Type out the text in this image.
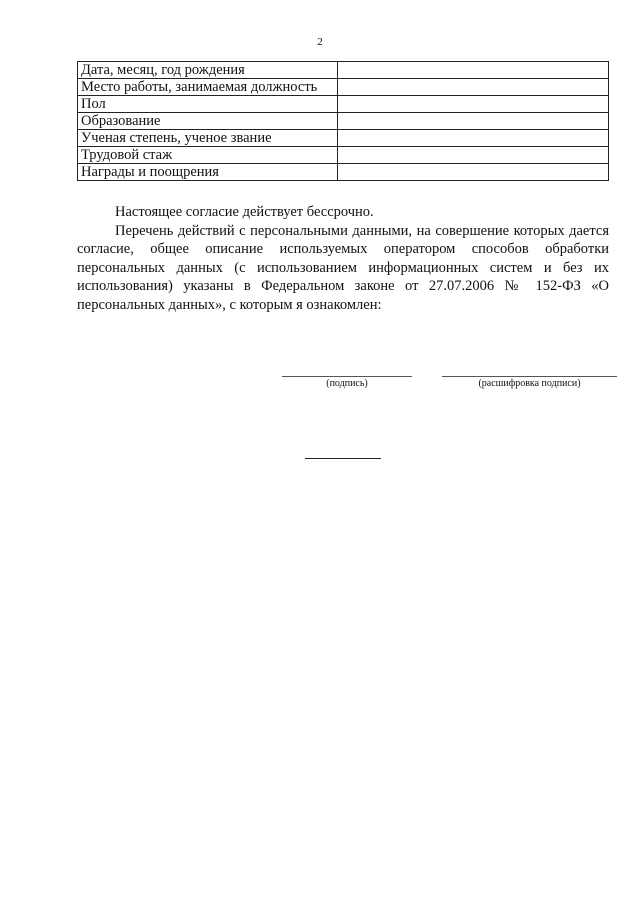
2
Дата, месяц, год рождения	
Место работы, занимаемая должность	
Пол	
Образование	
Ученая степень, ученое звание	
Трудовой стаж	
Награды и поощрения	

Настоящее согласие действует бессрочно.

Перечень действий с персональными данными, на совершение которых дается согласие, общее описание используемых оператором способов обработки персональных данных (с использованием информационных систем и без их использования) указаны в Федеральном законе от 27.07.2006 № 152-ФЗ «О персональных данных», с которым я ознакомлен:

(подпись)	(расшифровка подписи)
